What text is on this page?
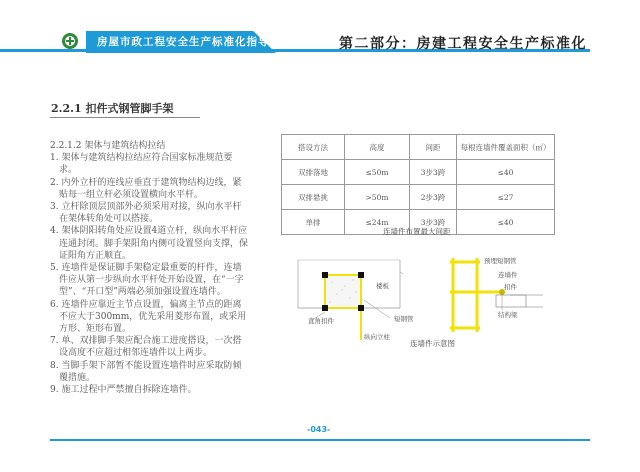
房屋市政工程安全生产标准化指导图册	第二部分：房建工程安全生产标准化
2.2.1 扣件式钢管脚手架
2.2.1.2 架体与建筑结构拉结
1. 架体与建筑结构拉结应符合国家标准规范要求。
2. 内外立杆的连线应垂直于建筑物结构边线，紧贴每一组立杆必须设置横向水平杆。
3. 立杆除顶层顶部外必须采用对接，纵向水平杆在架体转角处可以搭接。
4. 架体阴阳转角处应设置4道立杆，纵向水平杆应连通封闭。脚手架阳角内侧可设置竖向支撑，保证阳角方正顺直。
5. 连墙件是保证脚手架稳定最重要的杆件，连墙件应从第一步纵向水平杆处开始设置，在“一字型”、“开口型”两端必须加强设置连墙件。
6. 连墙件应靠近主节点设置，偏离主节点的距离不应大于300mm，优先采用菱形布置，或采用方形、矩形布置。
7. 单、双排脚手架应配合施工进度搭设，一次搭设高度不应超过相邻连墙件以上两步。
8. 当脚手架下部暂不能设置连墙件时应采取防倾覆措施。
9. 施工过程中严禁擅自拆除连墙件。
搭设方法	高度	间距	每根连墙件覆盖面积（㎡）
双排落地	≤50m	3步3跨	≤40
双排悬挑	>50m	2步3跨	≤27
单排	≤24m	3步3跨	≤40
连墙件布置最大间距
楼板
短钢管
直角扣件
纵向立柱
预埋短钢管
连墙件
扣件
结构梁
连墙件示意图
-043-
